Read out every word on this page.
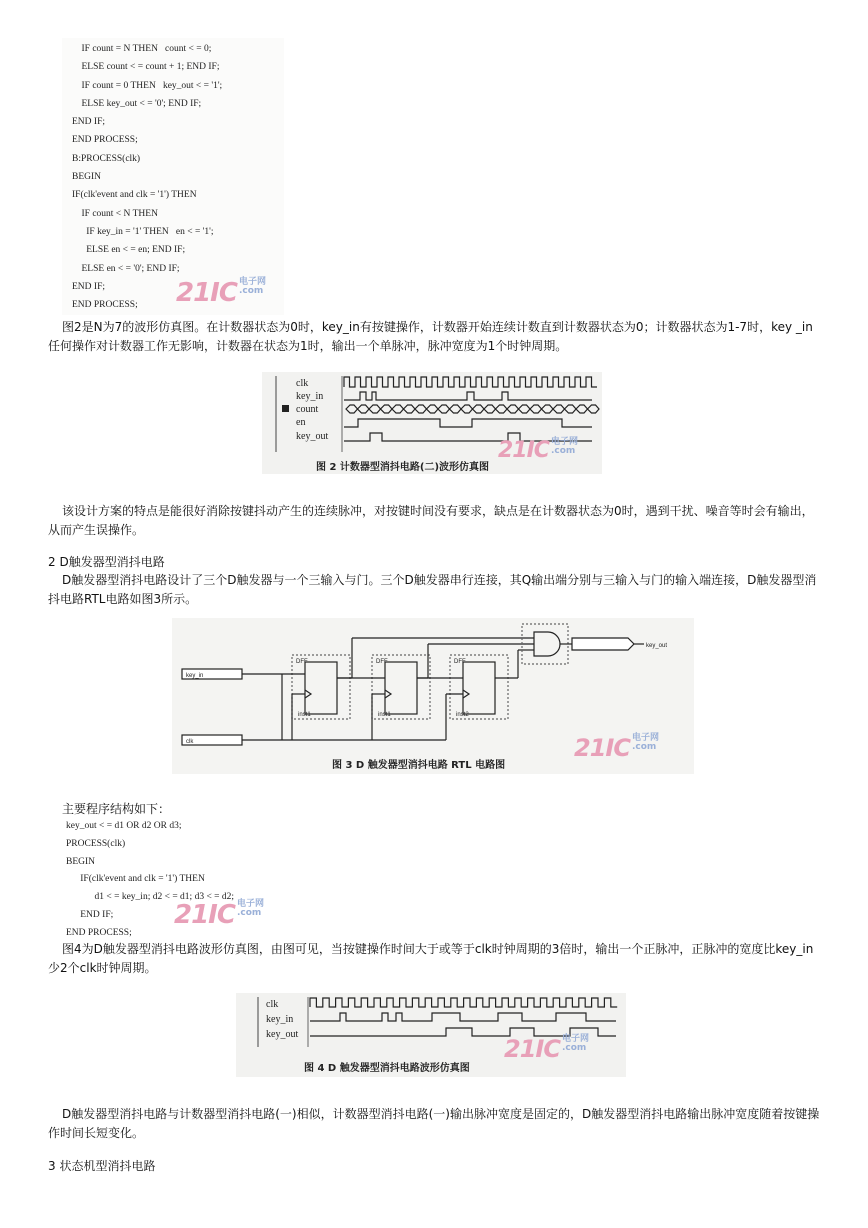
IF count = N THEN   count < = 0;
ELSE count < = count + 1; END IF;
IF count = 0 THEN   key_out < = '1';
ELSE key_out < = '0'; END IF;
END IF;
END PROCESS;
B:PROCESS(clk)
BEGIN
IF(clk'event and clk = '1') THEN
IF count < N THEN
IF key_in = '1' THEN   en < = '1';
ELSE en < = en; END IF;
ELSE en < = '0'; END IF;
END IF;
END PROCESS;	21IC 电子网
.com
图2是N为7的波形仿真图。在计数器状态为0时，key_in有按键操作，计数器开始连续计数直到计数器状态为0；计数器状态为1-7时，key _in任何操作对计数器工作无影响，计数器在状态为1时，输出一个单脉冲，脉冲宽度为1个时钟周期。
clk
key_in
count
en
key_out
图 2 计数器型消抖电路(二)波形仿真图
21IC 电子网
.com
该设计方案的特点是能很好消除按键抖动产生的连续脉冲，对按键时间没有要求，缺点是在计数器状态为0时，遇到干扰、噪音等时会有输出，从而产生误操作。
2 D触发器型消抖电路
D触发器型消抖电路设计了三个D触发器与一个三输入与门。三个D触发器串行连接，其Q输出端分别与三输入与门的输入端连接，D触发器型消抖电路RTL电路如图3所示。
key_in
clk
key_out
DFF	DFF	DFF
inst1	inst1	inst2
图 3 D 触发器型消抖电路 RTL 电路图
21IC 电子网
.com
主要程序结构如下：
key_out < = d1 OR d2 OR d3;
PROCESS(clk)
BEGIN
IF(clk'event and clk = '1') THEN
d1 < = key_in; d2 < = d1; d3 < = d2;
END IF;
END PROCESS;
21IC 电子网
.com
图4为D触发器型消抖电路波形仿真图，由图可见，当按键操作时间大于或等于clk时钟周期的3倍时，输出一个正脉冲，正脉冲的宽度比key_in少2个clk时钟周期。
clk
key_in
key_out
图 4 D 触发器型消抖电路波形仿真图
21IC 电子网
.com
D触发器型消抖电路与计数器型消抖电路(一)相似，计数器型消抖电路(一)输出脉冲宽度是固定的，D触发器型消抖电路输出脉冲宽度随着按键操作时间长短变化。
3 状态机型消抖电路
